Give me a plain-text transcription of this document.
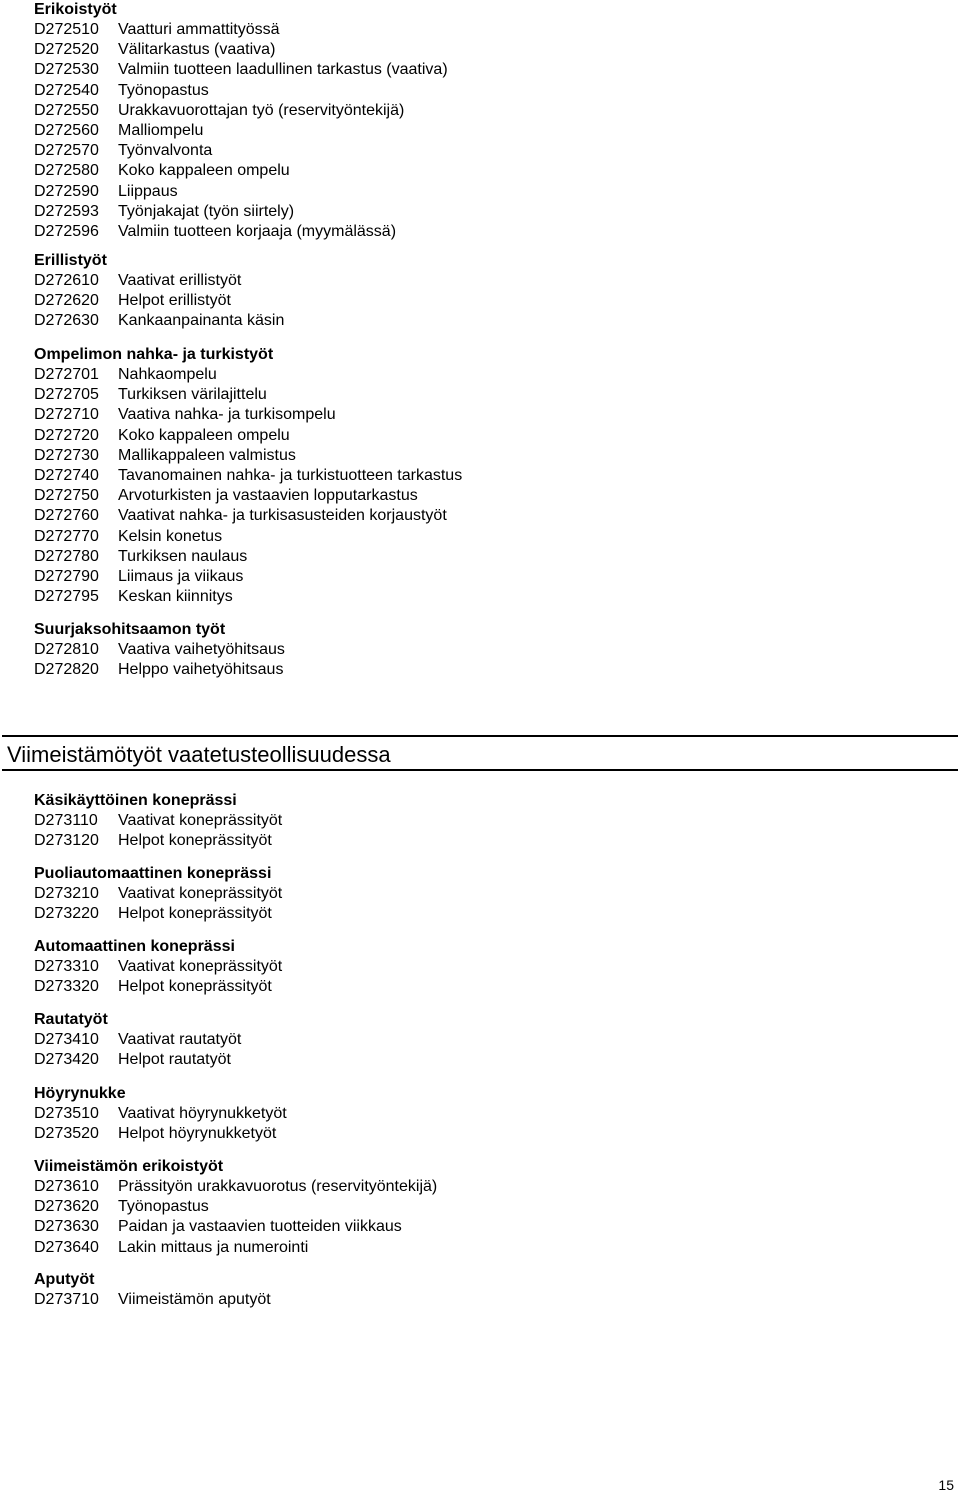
Erikoistyöt
D272510 Vaatturi ammattityössä
D272520 Välitarkastus (vaativa)
D272530 Valmiin tuotteen laadullinen tarkastus (vaativa)
D272540 Työnopastus
D272550 Urakkavuorottajan työ (reservityöntekijä)
D272560 Malliompelu
D272570 Työnvalvonta
D272580 Koko kappaleen ompelu
D272590 Liippaus
D272593 Työnjakajat (työn siirtely)
D272596 Valmiin tuotteen korjaaja (myymälässä)
Erillistyöt
D272610 Vaativat erillistyöt
D272620 Helpot erillistyöt
D272630 Kankaanpainanta käsin
Ompelimon nahka- ja turkistyöt
D272701 Nahkaompelu
D272705 Turkiksen värilajittelu
D272710 Vaativa nahka- ja turkisompelu
D272720 Koko kappaleen ompelu
D272730 Mallikappaleen valmistus
D272740 Tavanomainen nahka- ja turkistuotteen tarkastus
D272750 Arvoturkisten ja vastaavien lopputarkastus
D272760 Vaativat nahka- ja turkisasusteiden korjaustyöt
D272770 Kelsin konetus
D272780 Turkiksen naulaus
D272790 Liimaus ja viikaus
D272795 Keskan kiinnitys
Suurjaksohitsaamon työt
D272810 Vaativa vaihetyöhitsaus
D272820 Helppo vaihetyöhitsaus
Viimeistämötyöt vaatetusteollisuudessa
Käsikäyttöinen koneprässi
D273110 Vaativat koneprässityöt
D273120 Helpot koneprässityöt
Puoliautomaattinen koneprässi
D273210 Vaativat koneprässityöt
D273220 Helpot koneprässityöt
Automaattinen koneprässi
D273310 Vaativat koneprässityöt
D273320 Helpot koneprässityöt
Rautatyöt
D273410 Vaativat rautatyöt
D273420 Helpot rautatyöt
Höyrynukke
D273510 Vaativat höyrynukketyöt
D273520 Helpot höyrynukketyöt
Viimeistämön erikoistyöt
D273610 Prässityön urakkavuorotus (reservityöntekijä)
D273620 Työnopastus
D273630 Paidan ja vastaavien tuotteiden viikkaus
D273640 Lakin mittaus ja numerointi
Aputyöt
D273710 Viimeistämön aputyöt
15
